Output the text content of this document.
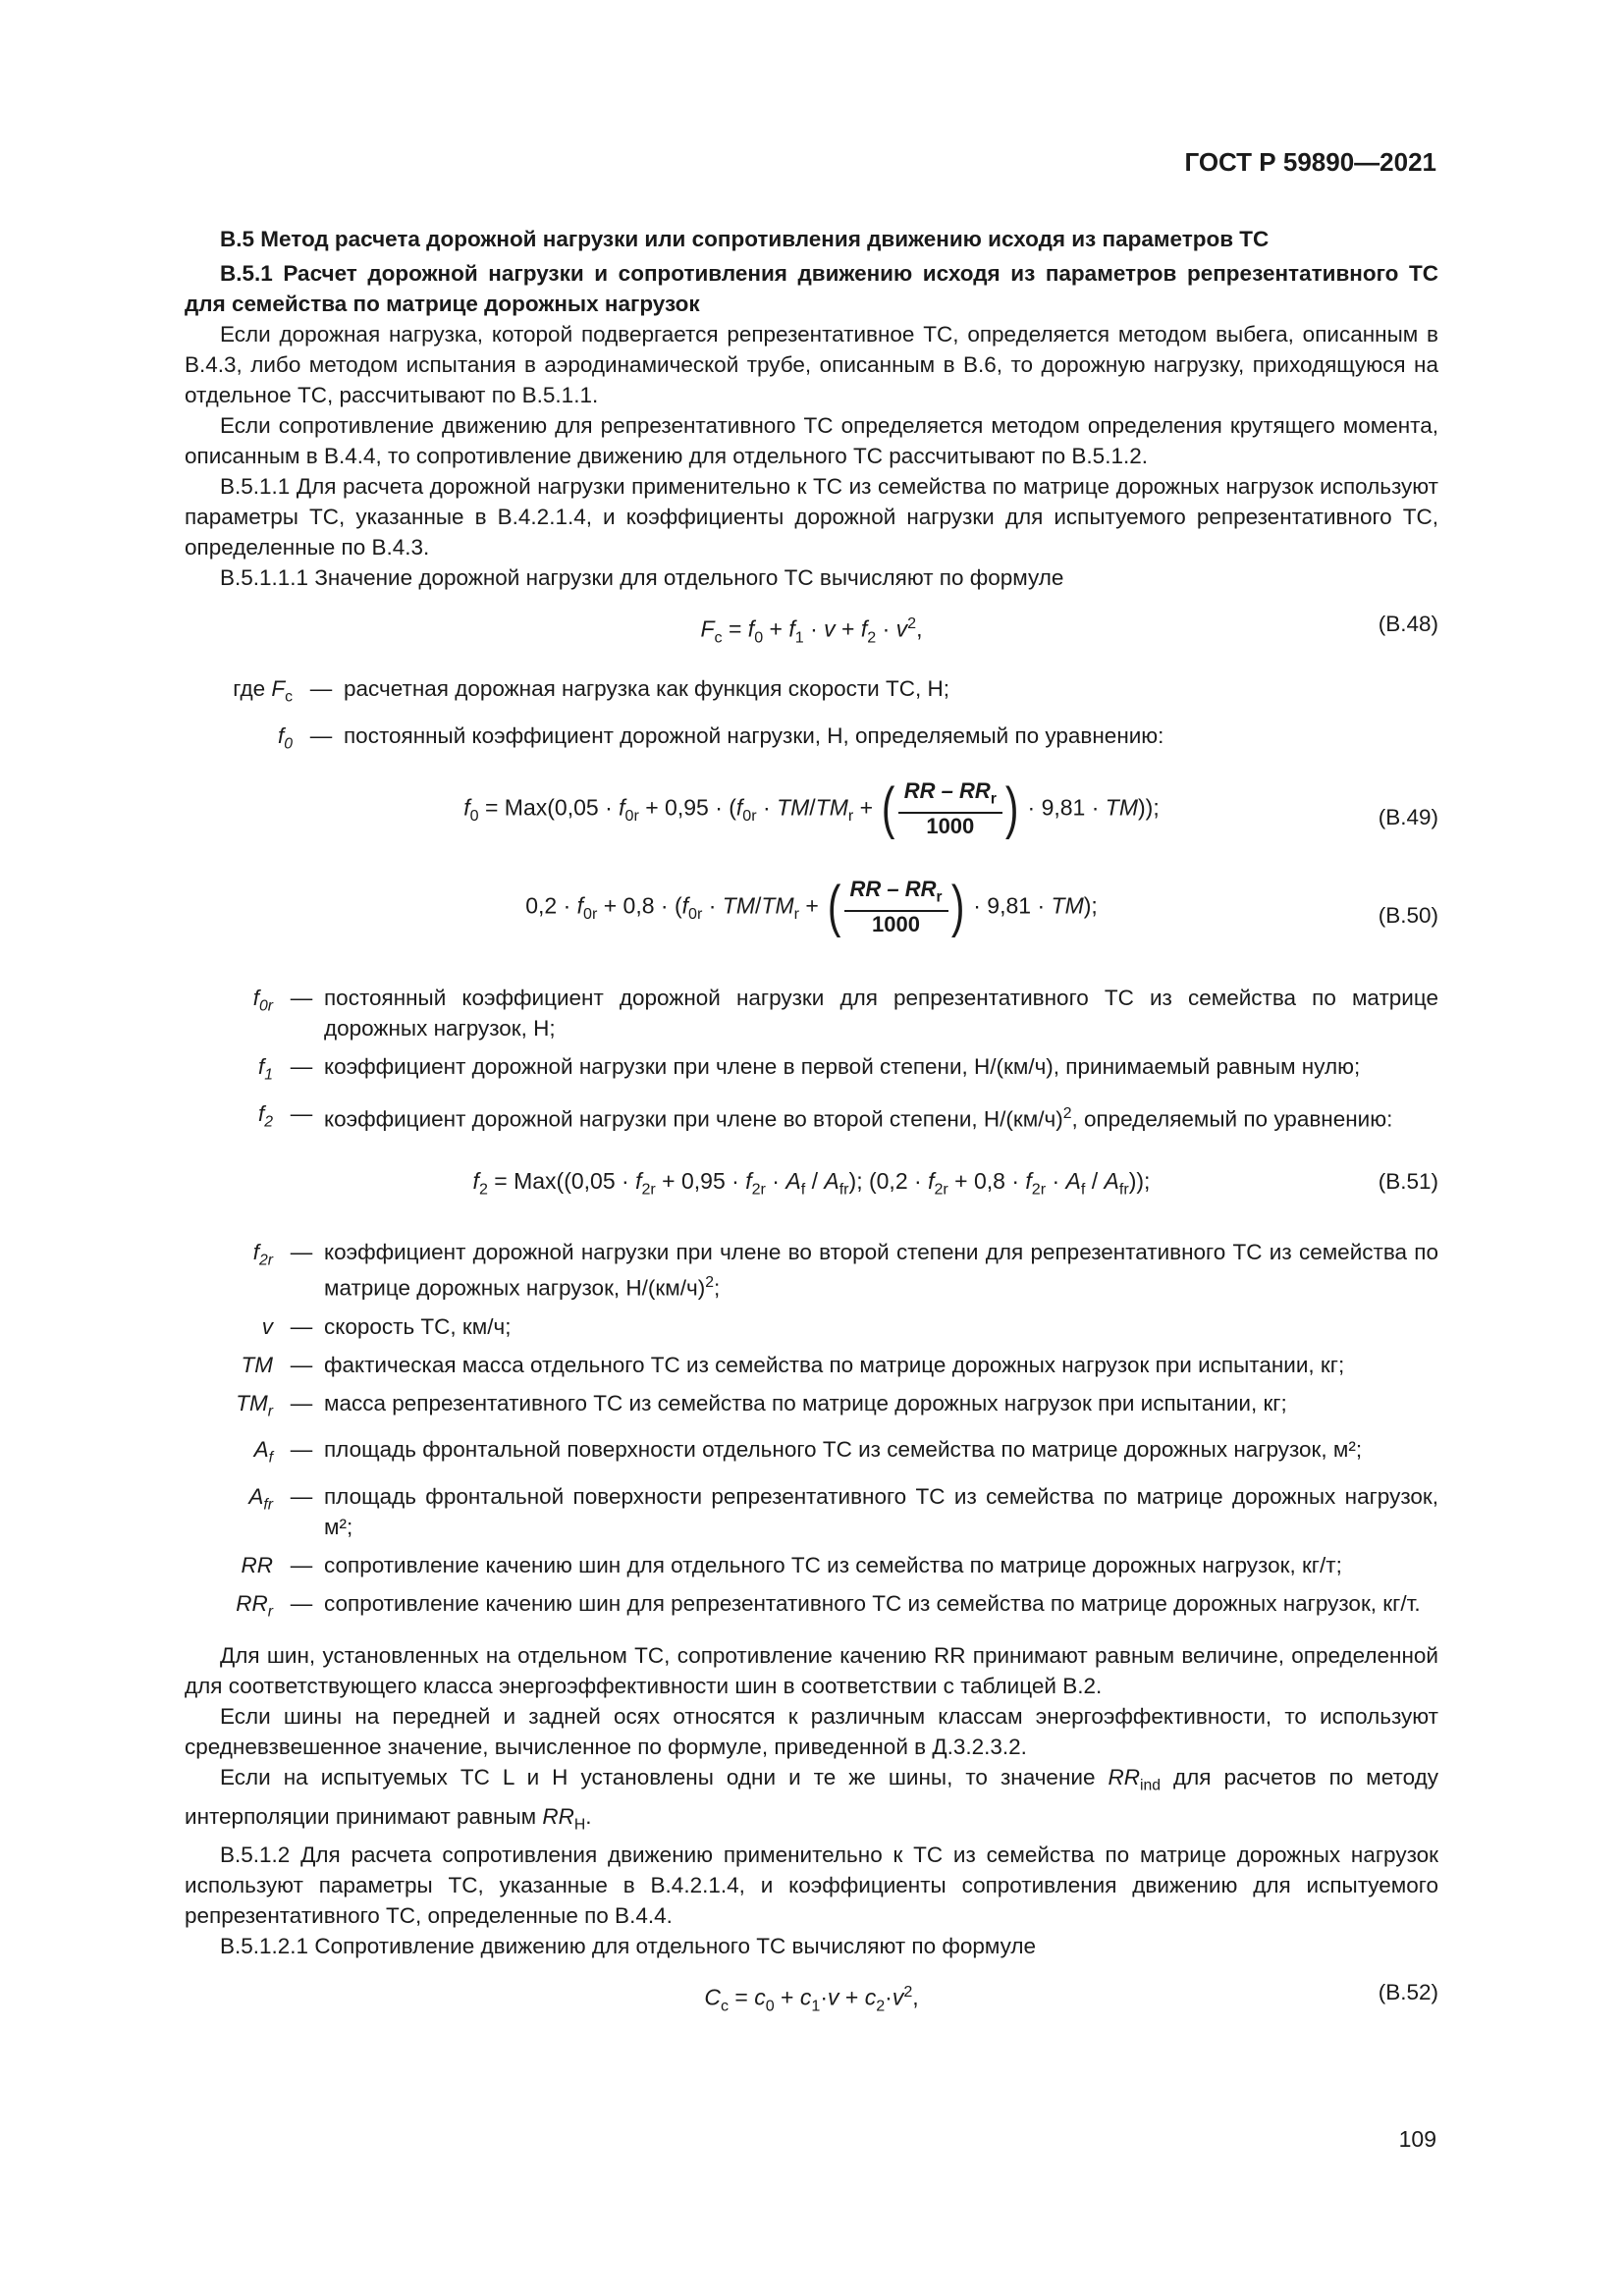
ГОСТ Р 59890—2021

В.5 Метод расчета дорожной нагрузки или сопротивления движению исходя из параметров ТС

В.5.1 Расчет дорожной нагрузки и сопротивления движению исходя из параметров репрезентативного ТС для семейства по матрице дорожных нагрузок

Если дорожная нагрузка, которой подвергается репрезентативное ТС, определяется методом выбега, описанным в В.4.3, либо методом испытания в аэродинамической трубе, описанным в В.6, то дорожную нагрузку, приходящуюся на отдельное ТС, рассчитывают по В.5.1.1.

Если сопротивление движению для репрезентативного ТС определяется методом определения крутящего момента, описанным в В.4.4, то сопротивление движению для отдельного ТС рассчитывают по В.5.1.2.

В.5.1.1 Для расчета дорожной нагрузки применительно к ТС из семейства по матрице дорожных нагрузок используют параметры ТС, указанные в В.4.2.1.4, и коэффициенты дорожной нагрузки для испытуемого репрезентативного ТС, определенные по В.4.3.

В.5.1.1.1 Значение дорожной нагрузки для отдельного ТС вычисляют по формуле

$F_c = f_0 + f_1 \cdot v + f_2 \cdot v^2$,	(В.48)
где $F_c$ — расчетная дорожная нагрузка как функция скорости ТС, Н;
$f_0$ — постоянный коэффициент дорожной нагрузки, Н, определяемый по уравнению:
$f_0 = Max(0,05 \cdot f_{0r} + 0,95 \cdot (f_{0r} \cdot TM/TM_r$ + ( $\frac{RR - RR_r}{1000}$ ) · 9,81 · TM));	(В.49)
$0,2 \cdot f_{0r} + 0,8 \cdot (f_{0r} \cdot TM/TM_r$ + ( $\frac{RR - RR_r}{1000}$ ) · 9,81 · TM);	(В.50)
$f_{0r}$ — постоянный коэффициент дорожной нагрузки для репрезентативного ТС из семейства по матрице дорожных нагрузок, Н;
$f_1$ — коэффициент дорожной нагрузки при члене в первой степени, Н/(км/ч), принимаемый равным нулю;
$f_2$ — коэффициент дорожной нагрузки при члене во второй степени, $Н/(км/ч)^2$, определяемый по уравнению:
$f_2 = Max((0,05 \cdot f_{2r} + 0,95 \cdot f_{2r} \cdot A_f / A_{fr})$; $(0,2 \cdot f_{2r} + 0,8 \cdot f_{2r} \cdot A_f / A_{fr})$);	(В.51)
$f_{2r}$ — коэффициент дорожной нагрузки при члене во второй степени для репрезентативного ТС из семейства по матрице дорожных нагрузок, $Н/(км/ч)^2$;
v — скорость ТС, км/ч;
TM — фактическая масса отдельного ТС из семейства по матрице дорожных нагрузок при испытании, кг;
$TM_r$ — масса репрезентативного ТС из семейства по матрице дорожных нагрузок при испытании, кг;
$A_f$ — площадь фронтальной поверхности отдельного ТС из семейства по матрице дорожных нагрузок, м²;
$A_{fr}$ — площадь фронтальной поверхности репрезентативного ТС из семейства по матрице дорожных нагрузок, м²;
RR — сопротивление качению шин для отдельного ТС из семейства по матрице дорожных нагрузок, кг/т;
$RR_r$ — сопротивление качению шин для репрезентативного ТС из семейства по матрице дорожных нагрузок, кг/т.

Для шин, установленных на отдельном ТС, сопротивление качению RR принимают равным величине, определенной для соответствующего класса энергоэффективности шин в соответствии с таблицей В.2.

Если шины на передней и задней осях относятся к различным классам энергоэффективности, то используют средневзвешенное значение, вычисленное по формуле, приведенной в Д.3.2.3.2.

Если на испытуемых ТС L и H установлены одни и те же шины, то значение $RR_{ind}$ для расчетов по методу интерполяции принимают равным $RR_H$.

В.5.1.2 Для расчета сопротивления движению применительно к ТС из семейства по матрице дорожных нагрузок используют параметры ТС, указанные в В.4.2.1.4, и коэффициенты сопротивления движению для испытуемого репрезентативного ТС, определенные по В.4.4.

В.5.1.2.1 Сопротивление движению для отдельного ТС вычисляют по формуле

$C_c = c_0 + c_1\cdot v + c_2\cdot v^2$,	(В.52)
109
